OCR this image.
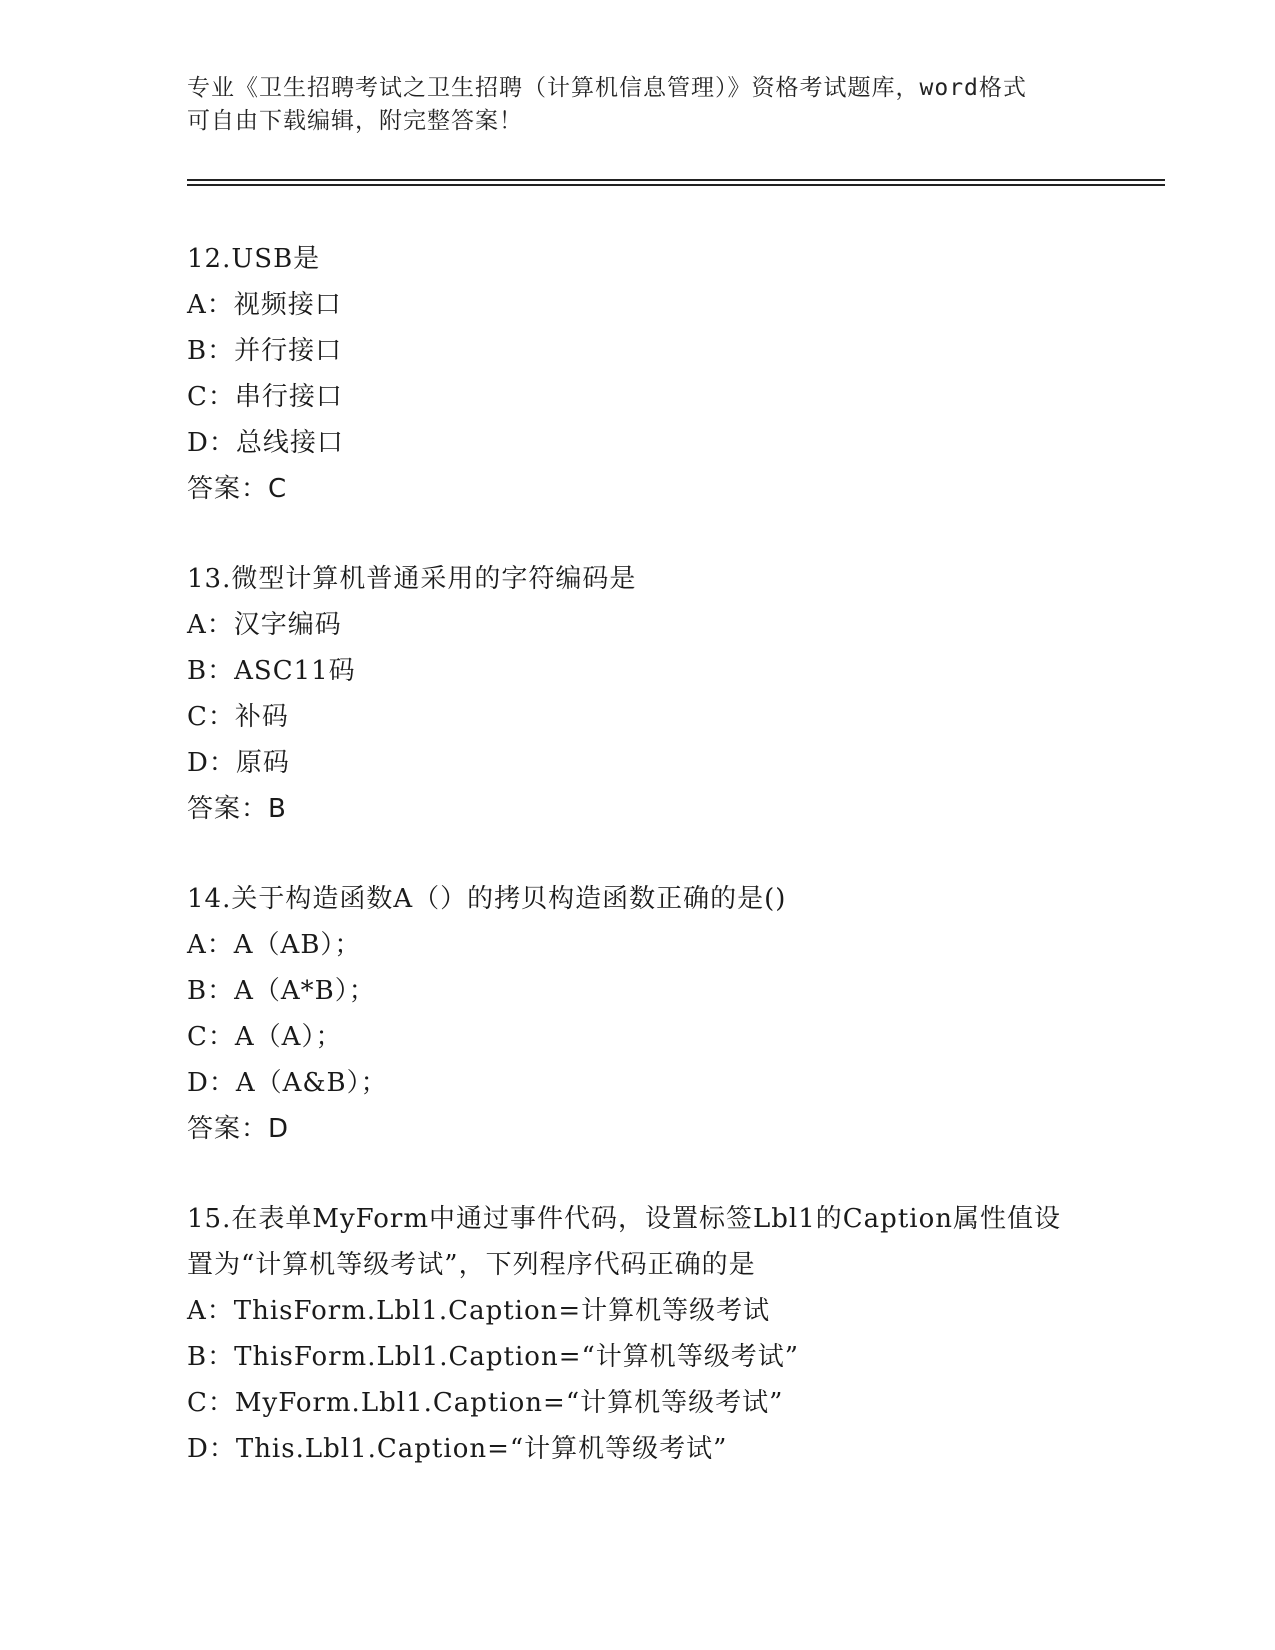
专业《卫生招聘考试之卫生招聘（计算机信息管理）》资格考试题库，word格式
可自由下载编辑，附完整答案！

12.USB是

A：视频接口

B：并行接口

C：串行接口

D：总线接口

答案：C

13.微型计算机普通采用的字符编码是

A：汉字编码

B：ASC11码

C：补码

D：原码

答案：B

14.关于构造函数A（）的拷贝构造函数正确的是()

A：A（AB）；

B：A（A*B）；

C：A（A）；

D：A（A&B）；

答案：D

15.在表单MyForm中通过事件代码，设置标签Lbl1的Caption属性值设置为“计算机等级考试”，下列程序代码正确的是

A：ThisForm.Lbl1.Caption=计算机等级考试

B：ThisForm.Lbl1.Caption=“计算机等级考试”

C：MyForm.Lbl1.Caption=“计算机等级考试”

D：This.Lbl1.Caption=“计算机等级考试”
